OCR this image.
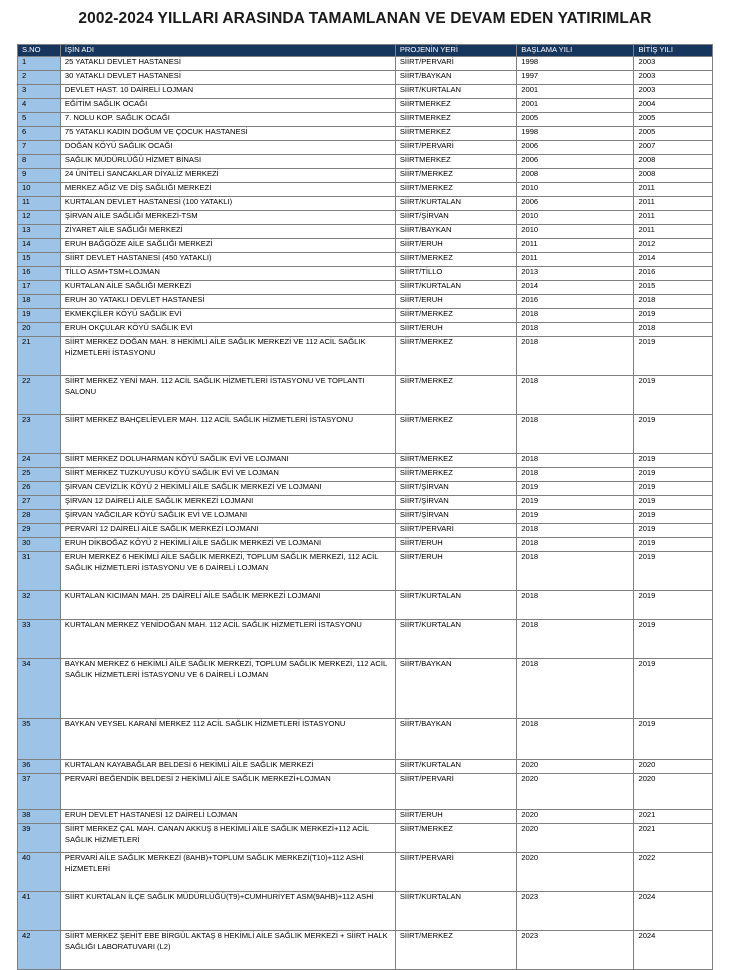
2002-2024 YILLARI ARASINDA TAMAMLANAN VE DEVAM EDEN YATIRIMLAR
S.NO	İŞİN ADI	PROJENİN YERİ	BAŞLAMA YILI	BİTİŞ YILI
1	25 YATAKLI DEVLET HASTANESİ	SİİRT/PERVARİ	1998	2003
2	30 YATAKLI DEVLET HASTANESİ	SİİRT/BAYKAN	1997	2003
3	DEVLET HAST. 10 DAİRELİ LOJMAN	SİİRT/KURTALAN	2001	2003
4	EĞİTİM SAĞLIK OCAĞI	SİİRTMERKEZ	2001	2004
5	7. NOLU KOP. SAĞLIK OCAĞI	SİİRTMERKEZ	2005	2005
6	75 YATAKLI KADIN DOĞUM VE ÇOCUK HASTANESİ	SİİRTMERKEZ	1998	2005
7	DOĞAN KÖYÜ SAĞLIK OCAĞI	SİİRT/PERVARİ	2006	2007
8	SAĞLIK MÜDÜRLÜĞÜ HİZMET BİNASI	SİİRTMERKEZ	2006	2008
9	24 ÜNİTELİ SANCAKLAR DİYALİZ MERKEZİ	SİİRT/MERKEZ	2008	2008
10	MERKEZ AĞIZ VE DİŞ SAĞLIĞI MERKEZİ	SİİRT/MERKEZ	2010	2011
11	KURTALAN DEVLET HASTANESİ (100 YATAKLI)	SİİRT/KURTALAN	2006	2011
12	ŞİRVAN AİLE SAĞLIĞI MERKEZİ-TSM	SİİRT/ŞİRVAN	2010	2011
13	ZİYARET AİLE SAĞLIĞI MERKEZİ	SİİRT/BAYKAN	2010	2011
14	ERUH BAĞGÖZE AİLE SAĞLIĞI MERKEZİ	SİİRT/ERUH	2011	2012
15	SİİRT DEVLET HASTANESİ (450 YATAKLI)	SİİRT/MERKEZ	2011	2014
16	TİLLO ASM+TSM+LOJMAN	SİİRT/TİLLO	2013	2016
17	KURTALAN AİLE SAĞLIĞI MERKEZİ	SİİRT/KURTALAN	2014	2015
18	ERUH 30 YATAKLI DEVLET HASTANESİ	SİİRT/ERUH	2016	2018
19	EKMEKÇİLER KÖYÜ SAĞLIK EVİ	SİİRT/MERKEZ	2018	2019
20	ERUH OKÇULAR KÖYÜ SAĞLIK EVİ	SİİRT/ERUH	2018	2018
21	SİİRT MERKEZ DOĞAN MAH. 8 HEKİMLİ AİLE SAĞLIK MERKEZİ VE 112 ACİL SAĞLIK HİZMETLERİ İSTASYONU	SİİRT/MERKEZ	2018	2019
22	SİİRT MERKEZ YENİ MAH. 112 ACİL SAĞLIK HİZMETLERİ İSTASYONU VE TOPLANTI SALONU	SİİRT/MERKEZ	2018	2019
23	SİİRT MERKEZ BAHÇELİEVLER MAH. 112 ACİL SAĞLIK HİZMETLERİ İSTASYONU	SİİRT/MERKEZ	2018	2019
24	SİİRT MERKEZ DOLUHARMAN KÖYÜ SAĞLIK EVİ VE LOJMANI	SİİRT/MERKEZ	2018	2019
25	SİİRT MERKEZ TUZKUYUSU KÖYÜ SAĞLIK EVİ VE LOJMAN	SİİRT/MERKEZ	2018	2019
26	ŞİRVAN CEVİZLİK KÖYÜ 2 HEKİMLİ AİLE SAĞLIK MERKEZİ VE LOJMANI	SİİRT/ŞİRVAN	2019	2019
27	ŞİRVAN 12 DAİRELİ AİLE SAĞLIK MERKEZİ LOJMANI	SİİRT/ŞİRVAN	2019	2019
28	ŞİRVAN YAĞCILAR KÖYÜ SAĞLIK EVİ VE LOJMANI	SİİRT/ŞİRVAN	2019	2019
29	PERVARİ 12 DAİRELİ AİLE SAĞLIK MERKEZİ LOJMANI	SİİRT/PERVARİ	2018	2019
30	ERUH DİKBOĞAZ KÖYÜ 2 HEKİMLİ AİLE SAĞLIK MERKEZİ VE LOJMANI	SİİRT/ERUH	2018	2019
31	ERUH MERKEZ 6 HEKİMLİ AİLE SAĞLIK MERKEZİ, TOPLUM SAĞLIK MERKEZİ, 112 ACİL SAĞLIK HİZMETLERİ İSTASYONU VE 6 DAİRELİ LOJMAN	SİİRT/ERUH	2018	2019
32	KURTALAN KICIMAN MAH. 25 DAİRELİ AİLE SAĞLIK MERKEZİ LOJMANI	SİİRT/KURTALAN	2018	2019
33	KURTALAN MERKEZ YENİDOĞAN MAH. 112 ACİL SAĞLIK HİZMETLERİ İSTASYONU	SİİRT/KURTALAN	2018	2019
34	BAYKAN MERKEZ 6 HEKİMLİ AİLE SAĞLIK MERKEZİ, TOPLUM SAĞLIK MERKEZİ, 112 ACİL SAĞLIK HİZMETLERİ İSTASYONU VE 6 DAİRELİ LOJMAN	SİİRT/BAYKAN	2018	2019
35	BAYKAN VEYSEL KARANİ MERKEZ 112 ACİL SAĞLIK HİZMETLERİ İSTASYONU	SİİRT/BAYKAN	2018	2019
36	KURTALAN KAYABAĞLAR BELDESİ 6 HEKİMLİ AİLE SAĞLIK MERKEZİ	SİİRT/KURTALAN	2020	2020
37	PERVARİ BEĞENDİK BELDESİ 2 HEKİMLİ AİLE SAĞLIK MERKEZİ+LOJMAN	SİİRT/PERVARİ	2020	2020
38	ERUH DEVLET HASTANESİ 12 DAİRELİ LOJMAN	SİİRT/ERUH	2020	2021
39	SİİRT MERKEZ ÇAL MAH. CANAN AKKUŞ 8 HEKİMLİ AİLE SAĞLIK MERKEZİ+112 ACİL SAĞLIK HİZMETLERİ	SİİRT/MERKEZ	2020	2021
40	PERVARİ AİLE SAĞLIK MERKEZİ (8AHB)+TOPLUM SAĞLIK MERKEZİ(T10)+112 ASHİ HİZMETLERİ	SİİRT/PERVARİ	2020	2022
41	SİİRT KURTALAN İLÇE SAĞLIK MÜDÜRLÜĞÜ(T9)+CUMHURİYET ASM(9AHB)+112 ASHİ	SİİRT/KURTALAN	2023	2024
42	SİİRT MERKEZ ŞEHİT EBE BİRGÜL AKTAŞ 8 HEKİMLİ AİLE SAĞLIK MERKEZİ + SİİRT HALK SAĞLIĞI LABORATUVARI (L2)	SİİRT/MERKEZ	2023	2024
